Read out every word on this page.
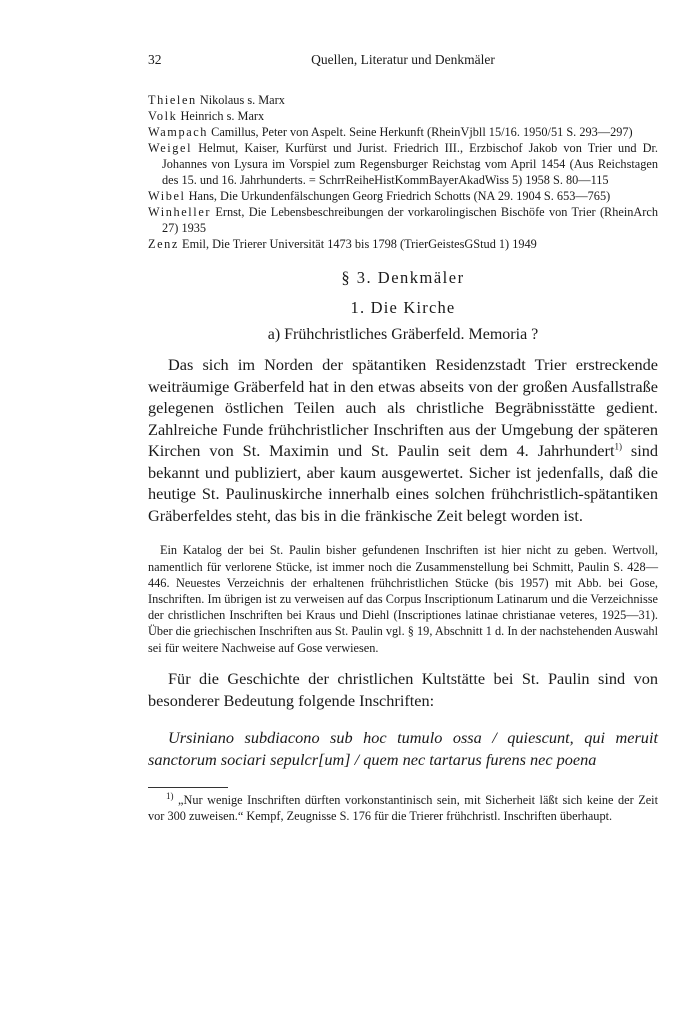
32	Quellen, Literatur und Denkmäler
Thielen Nikolaus s. Marx
Volk Heinrich s. Marx
Wampach Camillus, Peter von Aspelt. Seine Herkunft (RheinVjbll 15/16. 1950/51 S. 293—297)
Weigel Helmut, Kaiser, Kurfürst und Jurist. Friedrich III., Erzbischof Jakob von Trier und Dr. Johannes von Lysura im Vorspiel zum Regensburger Reichstag vom April 1454 (Aus Reichstagen des 15. und 16. Jahrhunderts. = SchrrReiheHistKommBayerAkadWiss 5) 1958 S. 80—115
Wibel Hans, Die Urkundenfälschungen Georg Friedrich Schotts (NA 29. 1904 S. 653—765)
Winheller Ernst, Die Lebensbeschreibungen der vorkarolingischen Bischöfe von Trier (RheinArch 27) 1935
Zenz Emil, Die Trierer Universität 1473 bis 1798 (TrierGeistesGStud 1) 1949
§ 3. Denkmäler
1. Die Kirche
a) Frühchristliches Gräberfeld. Memoria ?

Das sich im Norden der spätantiken Residenzstadt Trier erstreckende weiträumige Gräberfeld hat in den etwas abseits von der großen Ausfallstraße gelegenen östlichen Teilen auch als christliche Begräbnisstätte gedient. Zahlreiche Funde frühchristlicher Inschriften aus der Umgebung der späteren Kirchen von St. Maximin und St. Paulin seit dem 4. Jahrhundert$^{1)}$ sind bekannt und publiziert, aber kaum ausgewertet. Sicher ist jedenfalls, daß die heutige St. Paulinuskirche innerhalb eines solchen frühchristlich-spätantiken Gräberfeldes steht, das bis in die fränkische Zeit belegt worden ist.

Ein Katalog der bei St. Paulin bisher gefundenen Inschriften ist hier nicht zu geben. Wertvoll, namentlich für verlorene Stücke, ist immer noch die Zusammenstellung bei Schmitt, Paulin S. 428—446. Neuestes Verzeichnis der erhaltenen frühchristlichen Stücke (bis 1957) mit Abb. bei Gose, Inschriften. Im übrigen ist zu verweisen auf das Corpus Inscriptionum Latinarum und die Verzeichnisse der christlichen Inschriften bei Kraus und Diehl (Inscriptiones latinae christianae veteres, 1925—31). Über die griechischen Inschriften aus St. Paulin vgl. § 19, Abschnitt 1 d. In der nachstehenden Auswahl sei für weitere Nachweise auf Gose verwiesen.

Für die Geschichte der christlichen Kultstätte bei St. Paulin sind von besonderer Bedeutung folgende Inschriften:

Ursiniano subdiacono sub hoc tumulo ossa / quiescunt, qui meruit sanctorum sociari sepulcr[um] / quem nec tartarus furens nec poena

$^{1)}$ „Nur wenige Inschriften dürften vorkonstantinisch sein, mit Sicherheit läßt sich keine der Zeit vor 300 zuweisen.“ Kempf, Zeugnisse S. 176 für die Trierer frühchristl. Inschriften überhaupt.
